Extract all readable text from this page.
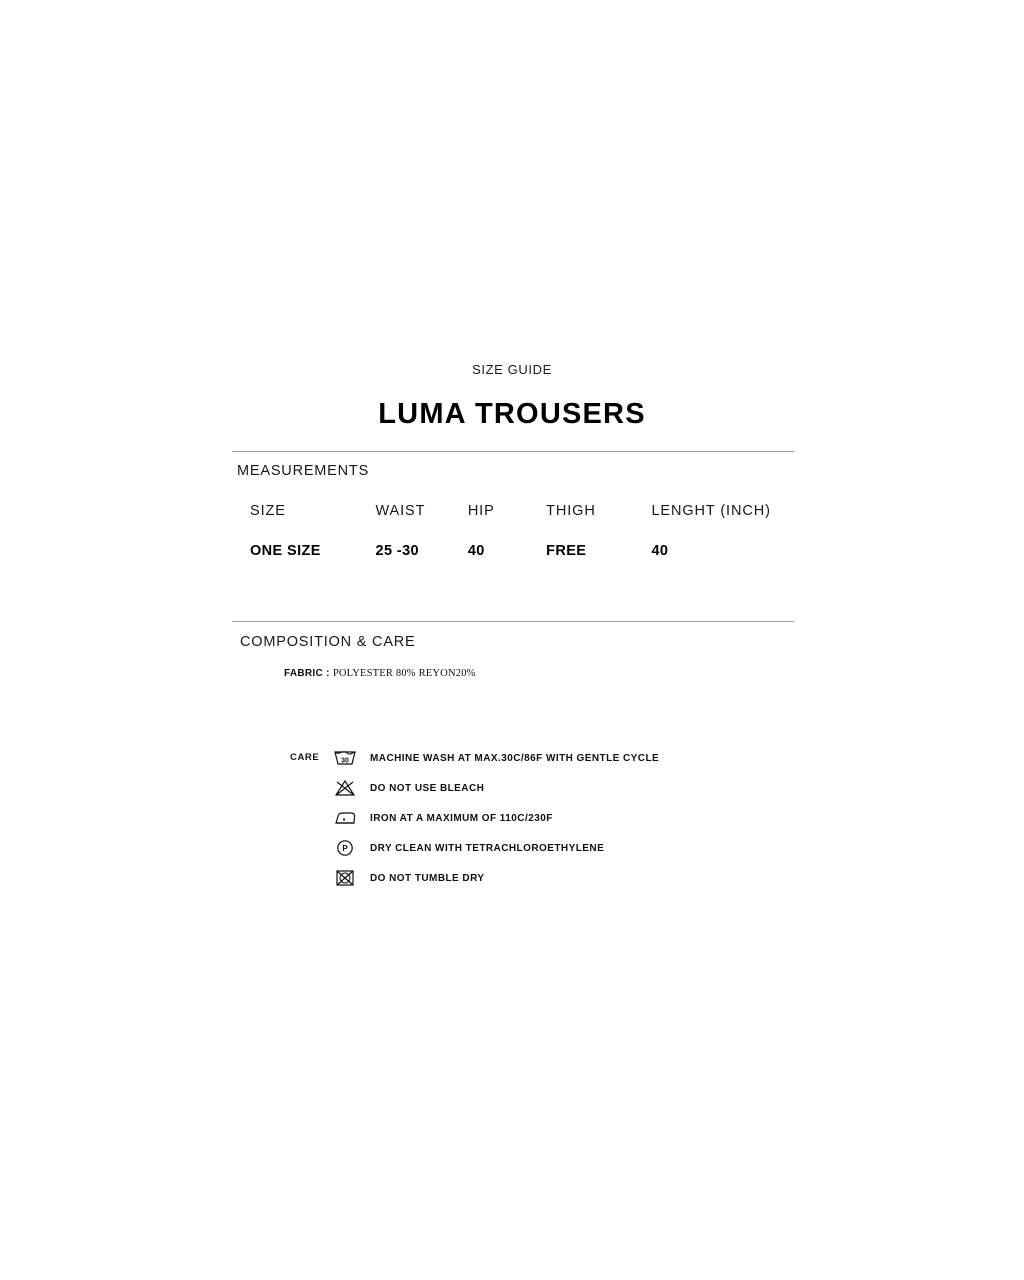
SIZE GUIDE
LUMA TROUSERS
MEASUREMENTS
SIZE	WAIST	HIP	THIGH	LENGHT (INCH)
ONE SIZE	25 -30	40	FREE	40
COMPOSITION & CARE
FABRIC : POLYESTER 80% REYON20%
CARE	30 MACHINE WASH AT MAX.30C/86F WITH GENTLE CYCLE
DO NOT USE BLEACH
IRON AT A MAXIMUM OF 110C/230F
P DRY CLEAN WITH TETRACHLOROETHYLENE
DO NOT TUMBLE DRY
